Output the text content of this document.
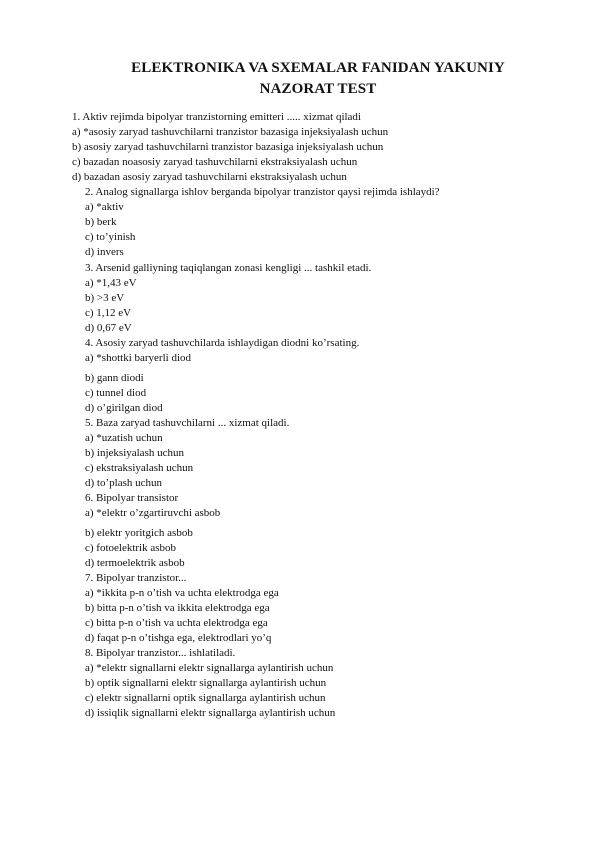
ELEKTRONIKA VA SXEMALAR FANIDAN YAKUNIY
NAZORAT TEST
1. Aktiv rejimda bipolyar tranzistorning emitteri ..... xizmat qiladi
a) *asosiy zaryad tashuvchilarni tranzistor bazasiga injeksiyalash uchun
b) asosiy zaryad tashuvchilarni tranzistor bazasiga injeksiyalash uchun
c) bazadan noasosiy zaryad tashuvchilarni ekstraksiyalash uchun
d) bazadan asosiy zaryad tashuvchilarni ekstraksiyalash uchun
2. Analog signallarga ishlov berganda bipolyar tranzistor qaysi rejimda ishlaydi?
a) *aktiv
b) berk
c) to’yinish
d) invers
3. Arsenid galliyning taqiqlangan zonasi kengligi ... tashkil etadi.
a) *1,43 eV
b) >3 eV
c) 1,12 eV
d) 0,67 eV
4. Asosiy zaryad tashuvchilarda ishlaydigan diodni ko’rsating.
a) *shottki baryerli diod
b) gann diodi
c) tunnel diod
d) o’girilgan diod
5. Baza zaryad tashuvchilarni ... xizmat qiladi.
a) *uzatish uchun
b) injeksiyalash uchun
c) ekstraksiyalash uchun
d) to’plash uchun
6. Bipolyar transistor
a) *elektr o’zgartiruvchi asbob
b) elektr yoritgich asbob
c) fotoelektrik asbob
d) termoelektrik asbob
7. Bipolyar tranzistor...
a) *ikkita p-n o’tish va uchta elektrodga ega
b) bitta p-n o’tish va ikkita elektrodga ega
c) bitta p-n o’tish va uchta elektrodga ega
d) faqat p-n o’tishga ega, elektrodlari yo’q
8. Bipolyar tranzistor... ishlatiladi.
a) *elektr signallarni elektr signallarga aylantirish uchun
b) optik signallarni elektr signallarga aylantirish uchun
c) elektr signallarni optik signallarga aylantirish uchun
d) issiqlik signallarni elektr signallarga aylantirish uchun
